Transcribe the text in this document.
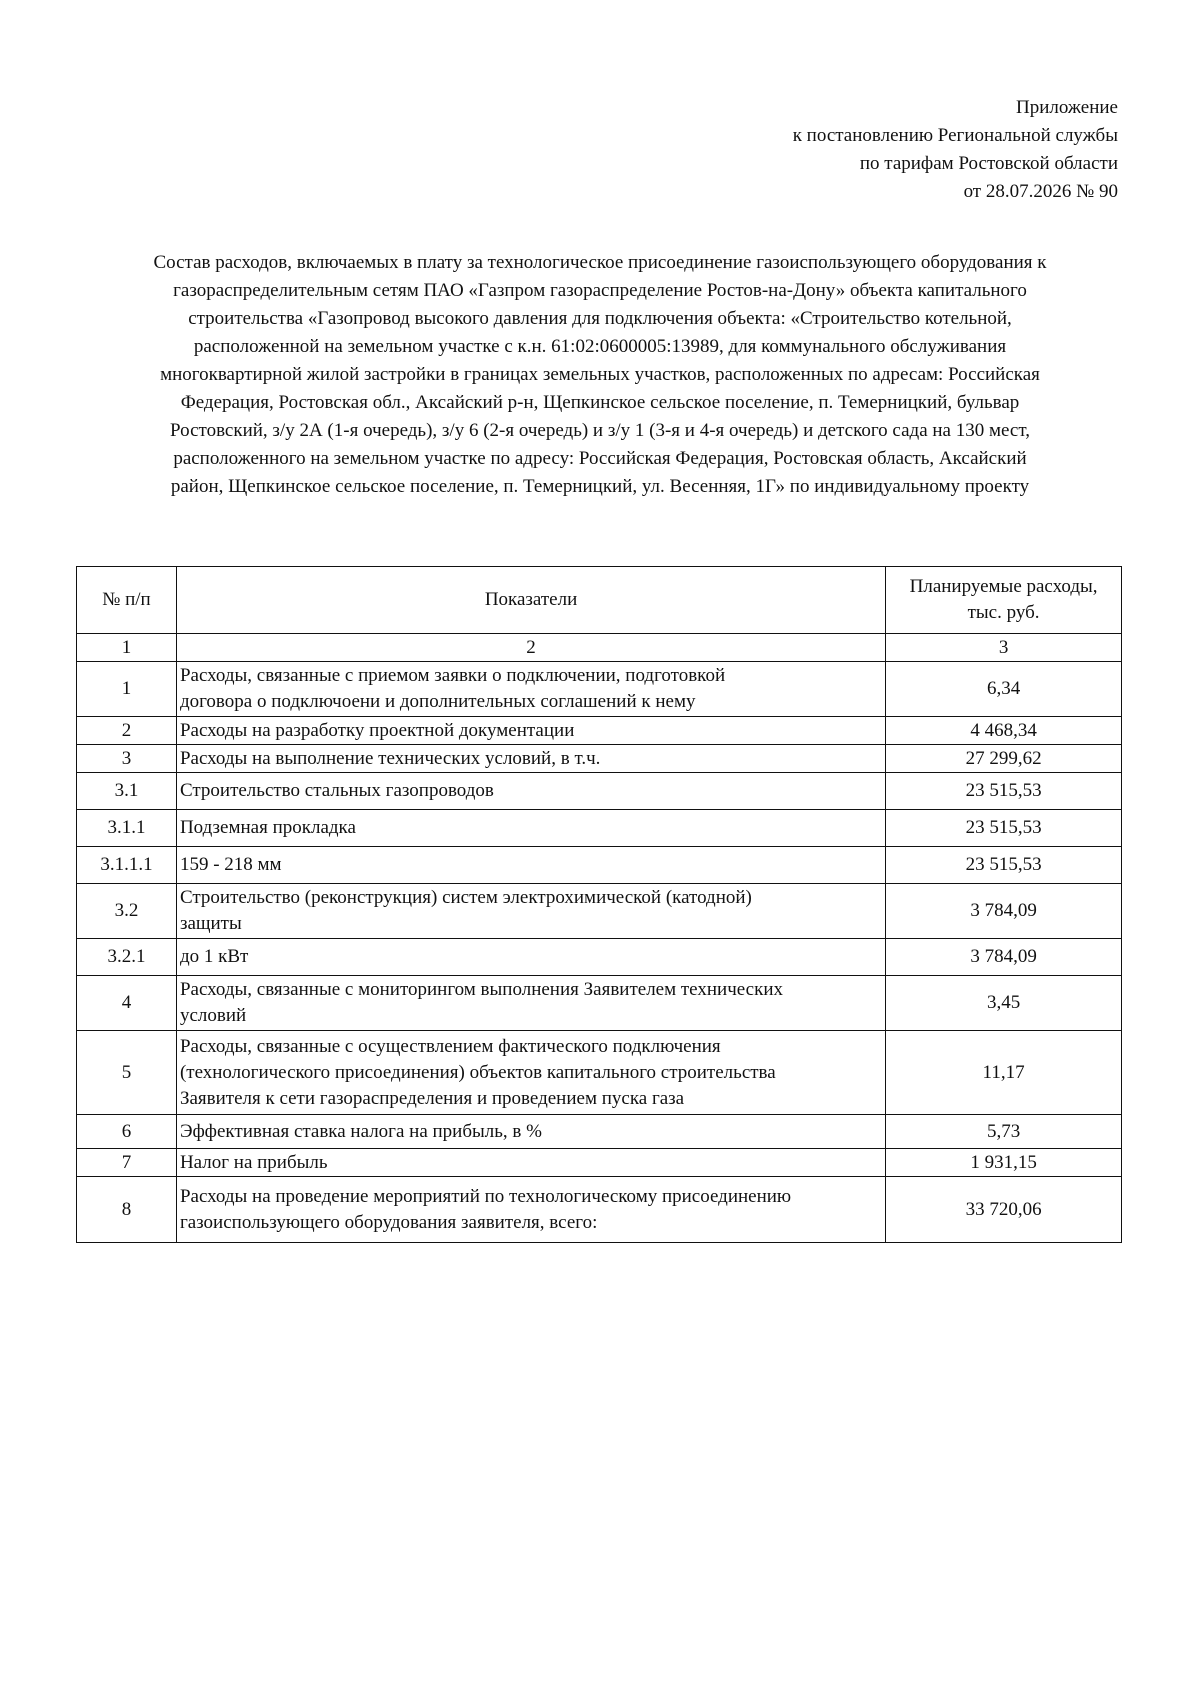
Приложение
к постановлению Региональной службы
по тарифам Ростовской области
от 28.07.2026 № 90
Состав расходов, включаемых в плату за технологическое присоединение газоиспользующего оборудования к
газораспределительным сетям ПАО «Газпром газораспределение Ростов-на-Дону» объекта капитального
строительства «Газопровод высокого давления для подключения объекта: «Строительство котельной,
расположенной на земельном участке с к.н. 61:02:0600005:13989, для коммунального обслуживания
многоквартирной жилой застройки в границах земельных участков, расположенных по адресам: Российская
Федерация, Ростовская обл., Аксайский р-н, Щепкинское сельское поселение, п. Темерницкий, бульвар
Ростовский, з/у 2А (1-я очередь), з/у 6 (2-я очередь) и з/у 1 (3-я и 4-я очередь) и детского сада на 130 мест,
расположенного на земельном участке по адресу: Российская Федерация, Ростовская область, Аксайский
район, Щепкинское сельское поселение, п. Темерницкий, ул. Весенняя, 1Г» по индивидуальному проекту
№ п/п	Показатели	Планируемые расходы,
тыс. руб.

1	2	3
1	Расходы, связанные с приемом заявки о подключении, подготовкой
договора о подключоени и дополнительных соглашений к нему	6,34
2	Расходы на разработку проектной документации	4 468,34
3	Расходы на выполнение технических условий, в т.ч.	27 299,62
3.1	Строительство стальных газопроводов	23 515,53
3.1.1	Подземная прокладка	23 515,53
3.1.1.1	159 - 218 мм	23 515,53
3.2	Строительство (реконструкция) систем электрохимической (катодной)
защиты	3 784,09
3.2.1	до 1 кВт	3 784,09
4	Расходы, связанные с мониторингом выполнения Заявителем технических
условий	3,45
5	Расходы, связанные с осуществлением фактического подключения
(технологического присоединения) объектов капитального строительства
Заявителя к сети газораспределения и проведением пуска газа	11,17
6	Эффективная ставка налога на прибыль, в %	5,73
7	Налог на прибыль	1 931,15
8	Расходы на проведение мероприятий по технологическому присоединению
газоиспользующего оборудования заявителя, всего:	33 720,06
